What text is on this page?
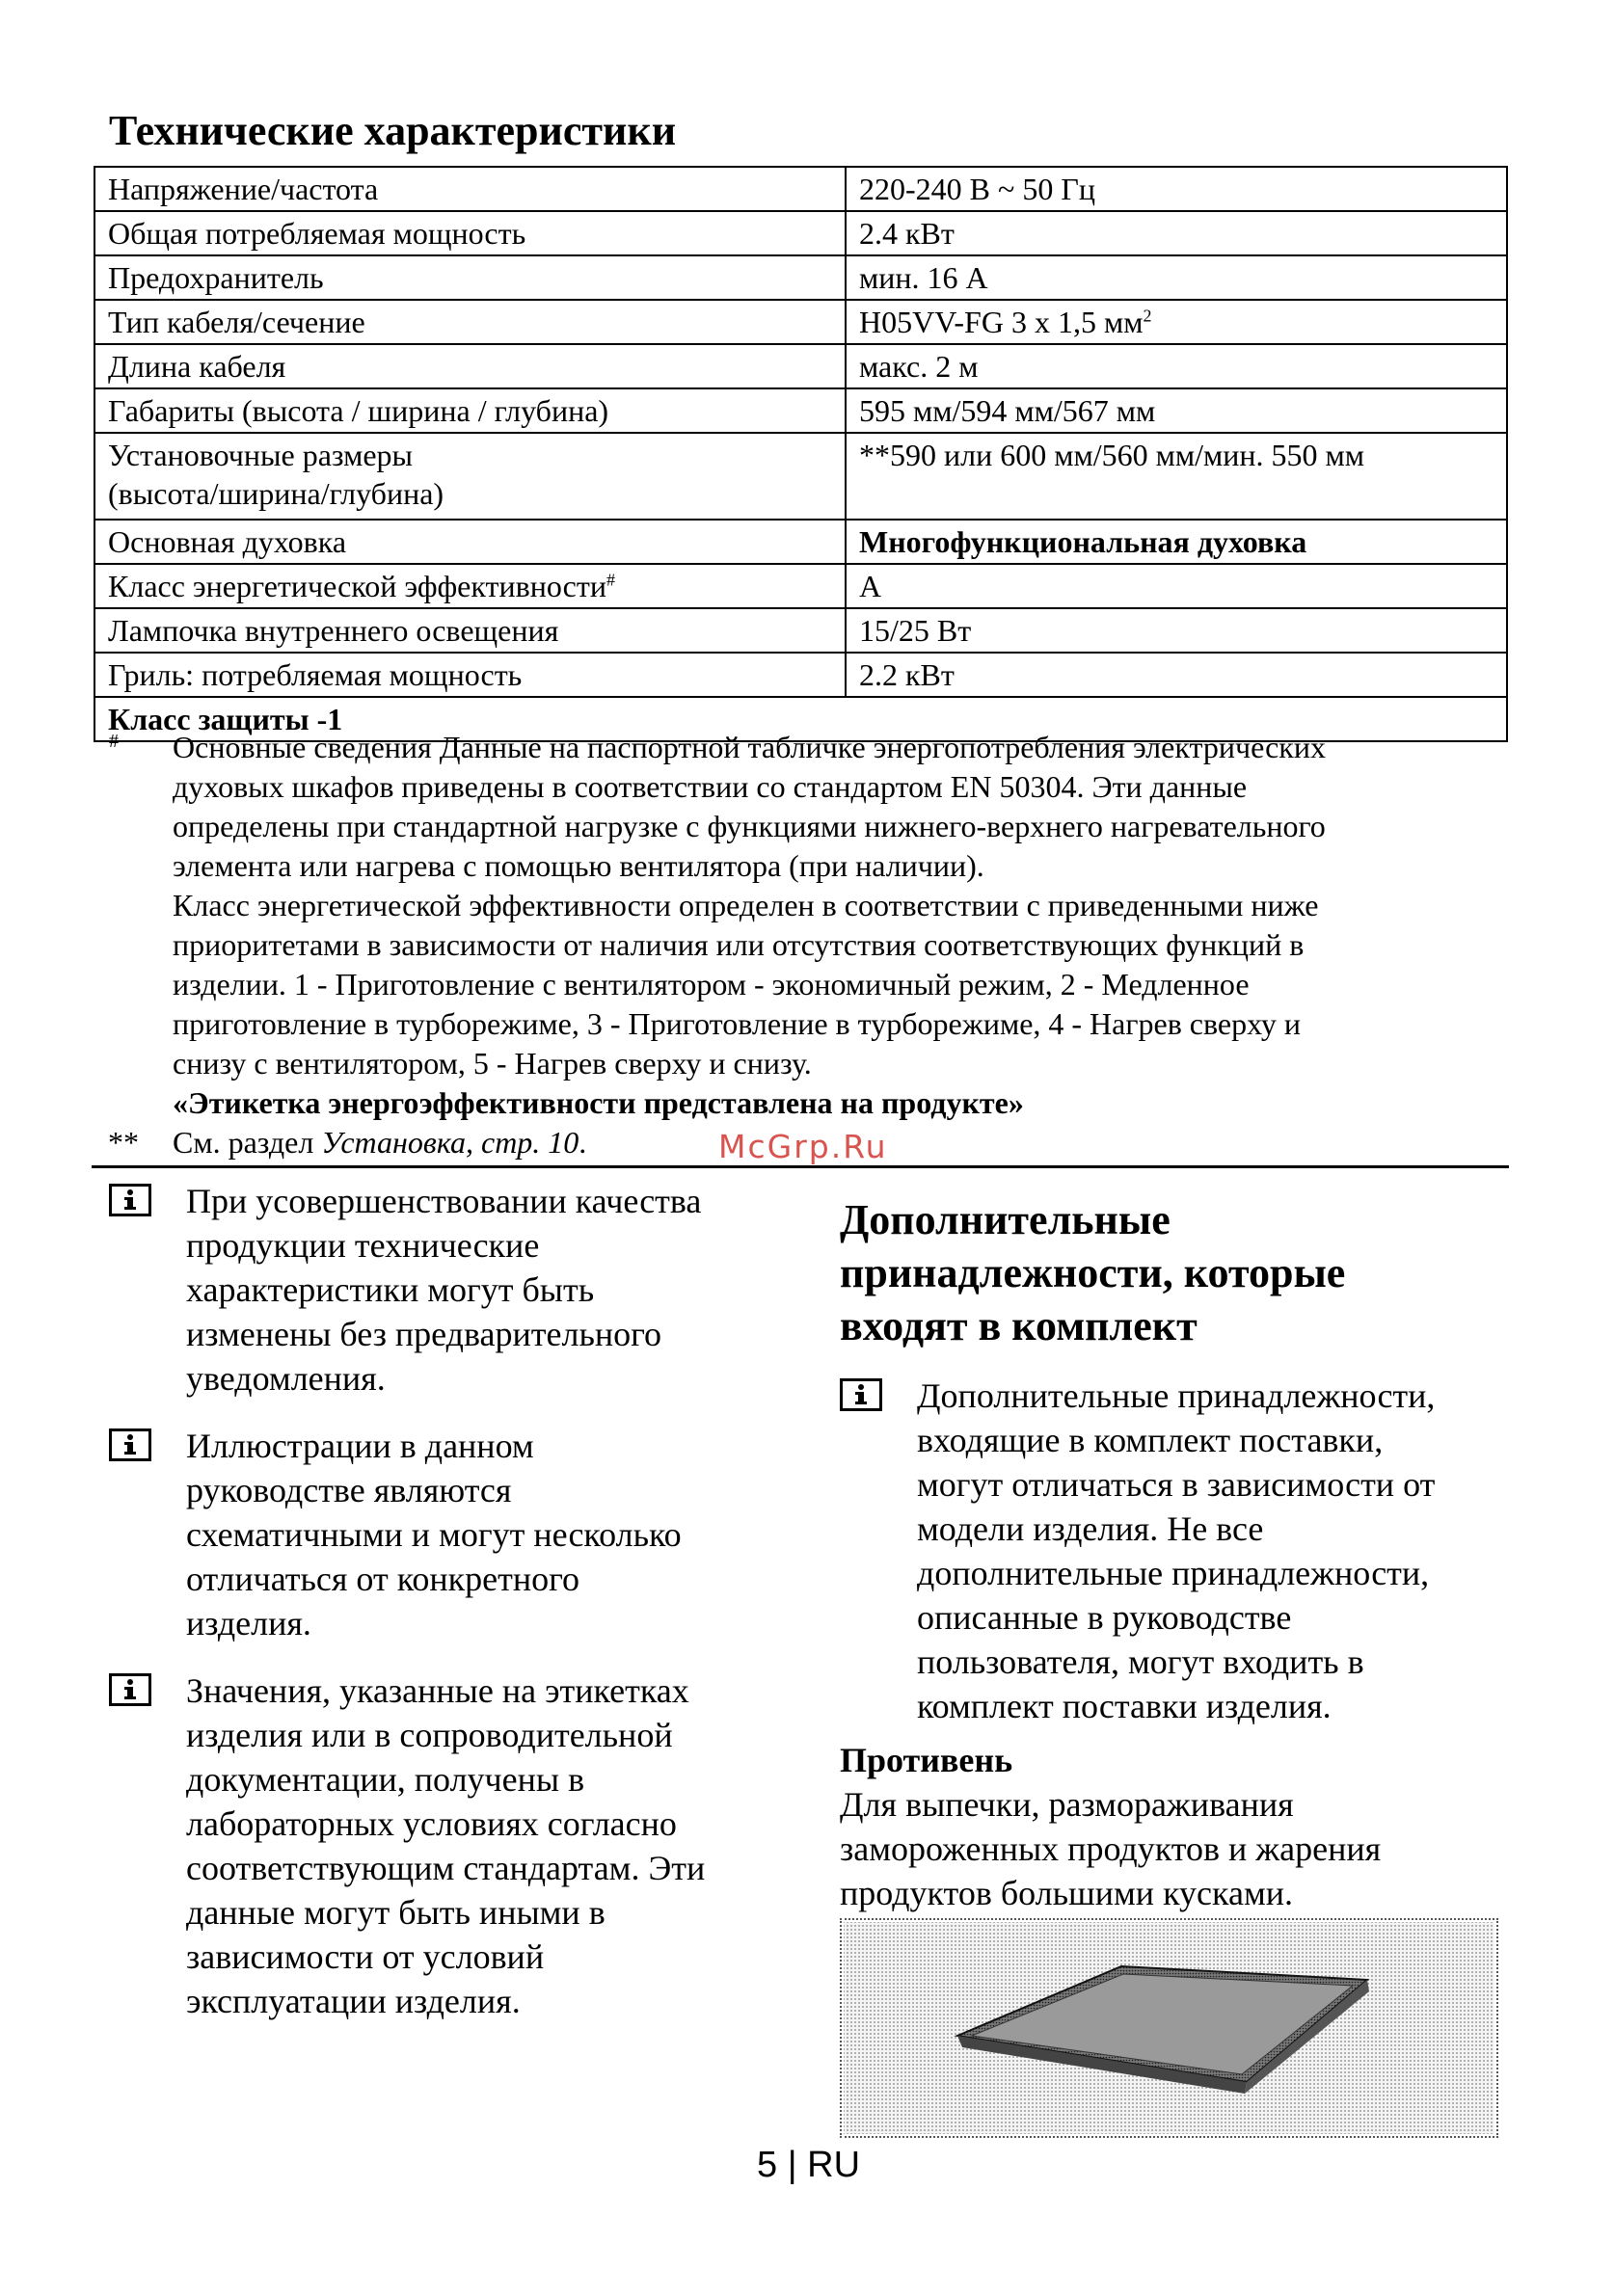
Технические характеристики
Напряжение/частота	220-240 В ~ 50 Гц
Общая потребляемая мощность	2.4 кВт
Предохранитель	мин. 16 А
Тип кабеля/сечение	H05VV-FG 3 x 1,5 $мм^2$
Длина кабеля	макс. 2 м
Габариты (высота / ширина / глубина)	595 мм/594 мм/567 мм

Установочные размеры
(высота/ширина/глубина)	**590 или 600 мм/560 мм/мин. 550 мм
Основная духовка	Многофункциональная духовка
Класс энергетической эффективности#	A
Лампочка внутреннего освещения	15/25 Вт
Гриль: потребляемая мощность	2.2 кВт
Класс защиты -1	
# Основные сведения Данные на паспортной табличке энергопотребления электрических
духовых шкафов приведены в соответствии со стандартом EN 50304. Эти данные
определены при стандартной нагрузке с функциями нижнего-верхнего нагревательного
элемента или нагрева с помощью вентилятора (при наличии).
Класс энергетической эффективности определен в соответствии с приведенными ниже
приоритетами в зависимости от наличия или отсутствия соответствующих функций в
изделии. 1 - Приготовление с вентилятором - экономичный режим, 2 - Медленное
приготовление в турборежиме, 3 - Приготовление в турборежиме, 4 - Нагрев сверху и
снизу с вентилятором, 5 - Нагрев сверху и снизу.
«Этикетка энергоэффективности представлена на продукте»
** См. раздел Установка, стр. 10.	McGrp.Ru
При усовершенствовании качества
продукции технические
характеристики могут быть
изменены без предварительного
уведомления.
Иллюстрации в данном
руководстве являются
схематичными и могут несколько
отличаться от конкретного
изделия.
Значения, указанные на этикетках
изделия или в сопроводительной
документации, получены в
лабораторных условиях согласно
соответствующим стандартам. Эти
данные могут быть иными в
зависимости от условий
эксплуатации изделия.
Дополнительные
принадлежности, которые
входят в комплект
Дополнительные принадлежности,
входящие в комплект поставки,
могут отличаться в зависимости от
модели изделия. Не все
дополнительные принадлежности,
описанные в руководстве
пользователя, могут входить в
комплект поставки изделия.
Противень
Для выпечки, размораживания
замороженных продуктов и жарения
продуктов большими кусками.
5 | RU
